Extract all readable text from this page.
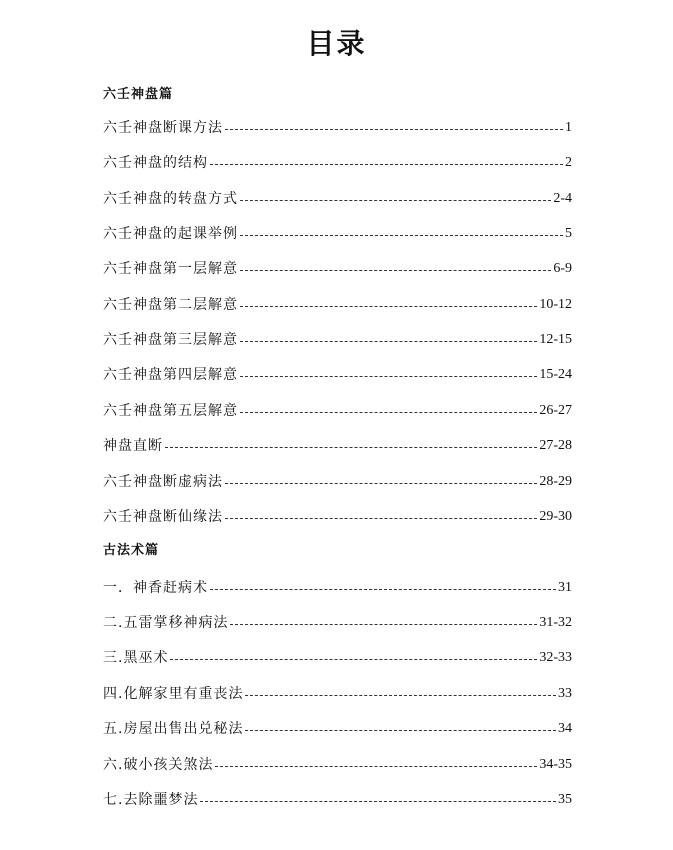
目录
六壬神盘篇
六壬神盘断课方法	1
六壬神盘的结构	2
六壬神盘的转盘方式	2-4
六壬神盘的起课举例	5
六壬神盘第一层解意	6-9
六壬神盘第二层解意	10-12
六壬神盘第三层解意	12-15
六壬神盘第四层解意	15-24
六壬神盘第五层解意	26-27
神盘直断	27-28
六壬神盘断虚病法	28-29
六壬神盘断仙缘法	29-30
古法术篇
一．神香赶病术	31
二.五雷掌移神病法	31-32
三.黑巫术	32-33
四.化解家里有重丧法	33
五.房屋出售出兑秘法	34
六.破小孩关煞法	34-35
七.去除噩梦法	35
